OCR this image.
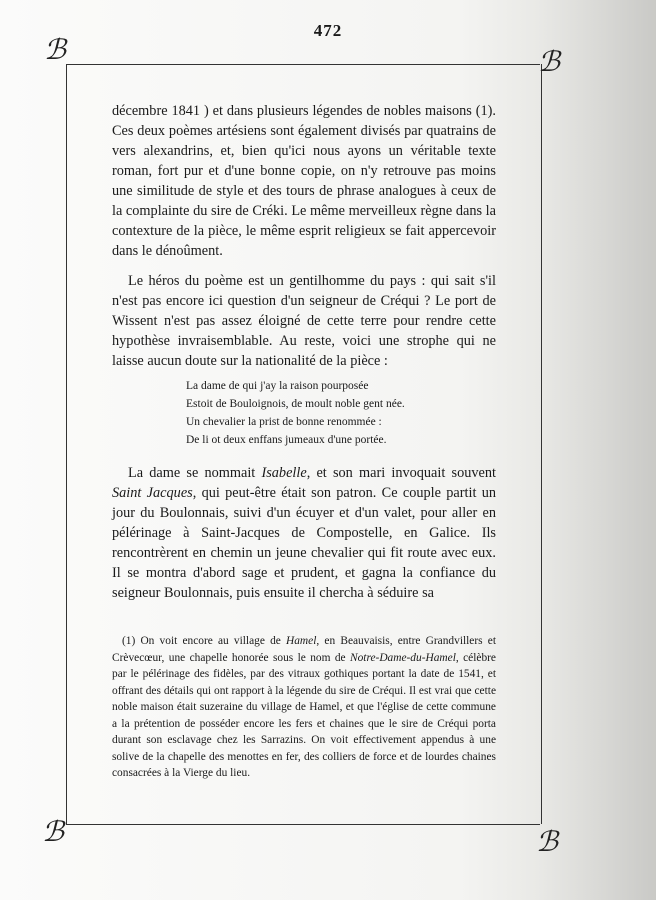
472
ℬ	ℬ
ℬ	ℬ
décembre 1841 ) et dans plusieurs légendes de nobles maisons (1). Ces deux poèmes artésiens sont également divisés par quatrains de vers alexandrins, et, bien qu'ici nous ayons un véritable texte roman, fort pur et d'une bonne copie, on n'y retrouve pas moins une similitude de style et des tours de phrase analogues à ceux de la complainte du sire de Créki. Le même merveilleux règne dans la contexture de la pièce, le même esprit religieux se fait appercevoir dans le dénoûment.
Le héros du poème est un gentilhomme du pays : qui sait s'il n'est pas encore ici question d'un seigneur de Créqui ? Le port de Wissent n'est pas assez éloigné de cette terre pour rendre cette hypothèse invraisemblable. Au reste, voici une strophe qui ne laisse aucun doute sur la nationalité de la pièce :
La dame de qui j'ay la raison pourposée
Estoit de Bouloignois, de moult noble gent née.
Un chevalier la prist de bonne renommée :
De li ot deux enffans jumeaux d'une portée.
La dame se nommait Isabelle, et son mari invoquait souvent Saint Jacques, qui peut-être était son patron. Ce couple partit un jour du Boulonnais, suivi d'un écuyer et d'un valet, pour aller en pélérinage à Saint-Jacques de Compostelle, en Galice. Ils rencontrèrent en chemin un jeune chevalier qui fit route avec eux. Il se montra d'abord sage et prudent, et gagna la confiance du seigneur Boulonnais, puis ensuite il chercha à séduire sa
(1) On voit encore au village de Hamel, en Beauvaisis, entre Grandvillers et Crèvecœur, une chapelle honorée sous le nom de Notre-Dame-du-Hamel, célèbre par le pélérinage des fidèles, par des vitraux gothiques portant la date de 1541, et offrant des détails qui ont rapport à la légende du sire de Créqui. Il est vrai que cette noble maison était suzeraine du village de Hamel, et que l'église de cette commune a la prétention de posséder encore les fers et chaines que le sire de Créqui porta durant son esclavage chez les Sarrazins. On voit effectivement appendus à une solive de la chapelle des menottes en fer, des colliers de force et de lourdes chaines consacrées à la Vierge du lieu.
